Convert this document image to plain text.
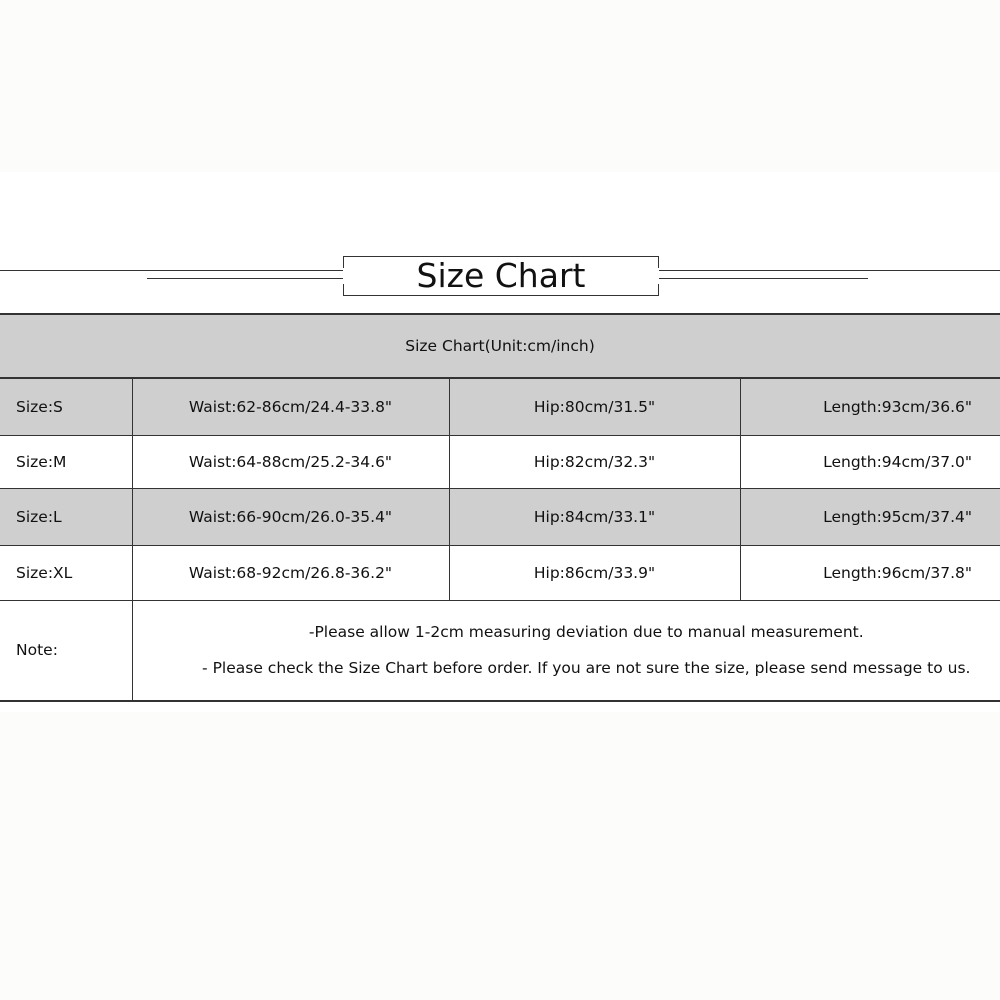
Size Chart
Size Chart(Unit:cm/inch)			
Size:S	Waist:62-86cm/24.4-33.8"	Hip:80cm/31.5"	Length:93cm/36.6"
Size:M	Waist:64-88cm/25.2-34.6"	Hip:82cm/32.3"	Length:94cm/37.0"
Size:L	Waist:66-90cm/26.0-35.4"	Hip:84cm/33.1"	Length:95cm/37.4"
Size:XL	Waist:68-92cm/26.8-36.2"	Hip:86cm/33.9"	Length:96cm/37.8"
Note:	-Please allow 1-2cm measuring deviation due to manual measurement.
- Please check the Size Chart before order. If you are not sure the size, please send message to us.		
